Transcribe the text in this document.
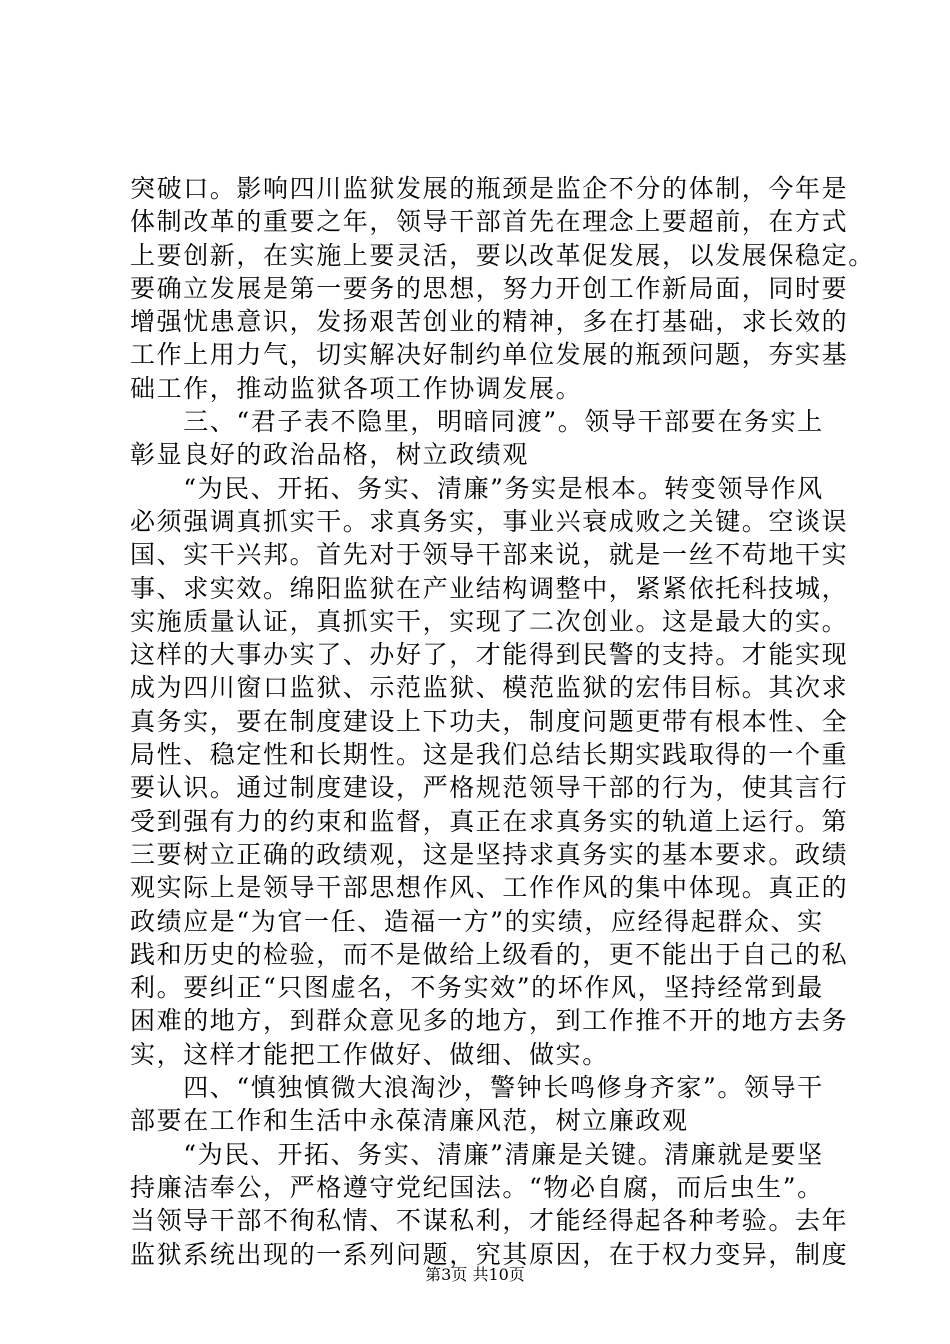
突破口。影响四川监狱发展的瓶颈是监企不分的体制，今年是
体制改革的重要之年，领导干部首先在理念上要超前，在方式
上要创新，在实施上要灵活，要以改革促发展，以发展保稳定。
要确立发展是第一要务的思想，努力开创工作新局面，同时要
增强忧患意识，发扬艰苦创业的精神，多在打基础，求长效的
工作上用力气，切实解决好制约单位发展的瓶颈问题，夯实基
础工作，推动监狱各项工作协调发展。
　　三、“君子表不隐里，明暗同渡”。领导干部要在务实上
彰显良好的政治品格，树立政绩观
　　“为民、开拓、务实、清廉”务实是根本。转变领导作风
必须强调真抓实干。求真务实，事业兴衰成败之关键。空谈误
国、实干兴邦。首先对于领导干部来说，就是一丝不苟地干实
事、求实效。绵阳监狱在产业结构调整中，紧紧依托科技城，
实施质量认证，真抓实干，实现了二次创业。这是最大的实。
这样的大事办实了、办好了，才能得到民警的支持。才能实现
成为四川窗口监狱、示范监狱、模范监狱的宏伟目标。其次求
真务实，要在制度建设上下功夫，制度问题更带有根本性、全
局性、稳定性和长期性。这是我们总结长期实践取得的一个重
要认识。通过制度建设，严格规范领导干部的行为，使其言行
受到强有力的约束和监督，真正在求真务实的轨道上运行。第
三要树立正确的政绩观，这是坚持求真务实的基本要求。政绩
观实际上是领导干部思想作风、工作作风的集中体现。真正的
政绩应是“为官一任、造福一方”的实绩，应经得起群众、实
践和历史的检验，而不是做给上级看的，更不能出于自己的私
利。要纠正“只图虚名，不务实效”的坏作风，坚持经常到最
困难的地方，到群众意见多的地方，到工作推不开的地方去务
实，这样才能把工作做好、做细、做实。
　　四、“慎独慎微大浪淘沙，警钟长鸣修身齐家”。领导干
部要在工作和生活中永葆清廉风范，树立廉政观
　　“为民、开拓、务实、清廉”清廉是关键。清廉就是要坚
持廉洁奉公，严格遵守党纪国法。“物必自腐，而后虫生”。
当领导干部不徇私情、不谋私利，才能经得起各种考验。去年
监狱系统出现的一系列问题，究其原因，在于权力变异，制度
第3页 共10页
